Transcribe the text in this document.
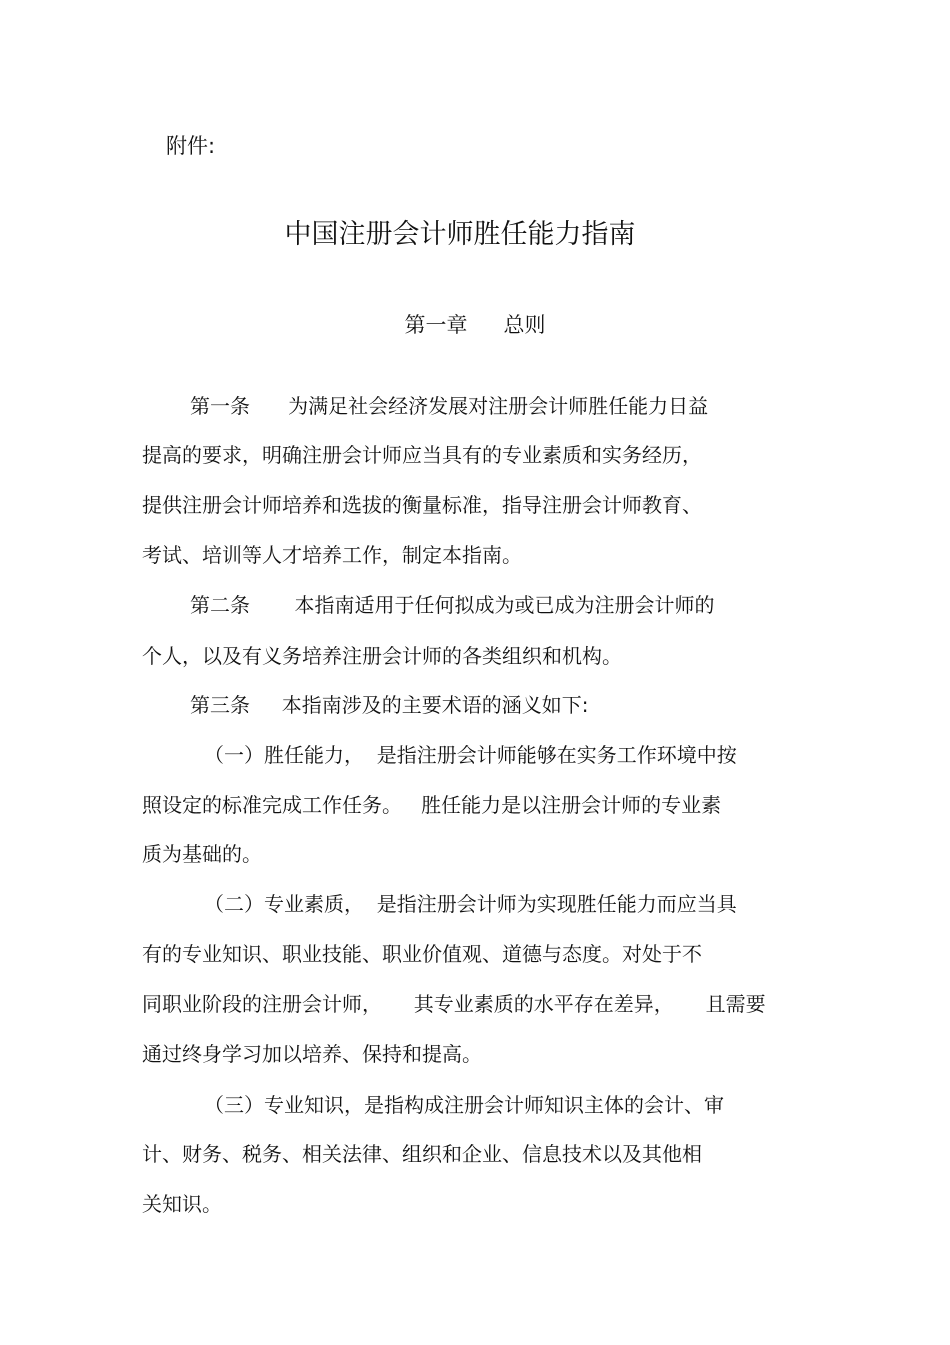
附件:
中国注册会计师胜任能力指南
第一章 总则
第一条      为满足社会经济发展对注册会计师胜任能力日益
提高的要求，明确注册会计师应当具有的专业素质和实务经历，
提供注册会计师培养和选拔的衡量标准，指导注册会计师教育、
考试、培训等人才培养工作，制定本指南。
第二条       本指南适用于任何拟成为或已成为注册会计师的
个人，以及有义务培养注册会计师的各类组织和机构。
第三条     本指南涉及的主要术语的涵义如下:
（一）胜任能力，  是指注册会计师能够在实务工作环境中按
照设定的标准完成工作任务。   胜任能力是以注册会计师的专业素
质为基础的。
（二）专业素质，  是指注册会计师为实现胜任能力而应当具
有的专业知识、职业技能、职业价值观、道德与态度。对处于不
同职业阶段的注册会计师，     其专业素质的水平存在差异，     且需要
通过终身学习加以培养、保持和提高。
（三）专业知识，是指构成注册会计师知识主体的会计、审
计、财务、税务、相关法律、组织和企业、信息技术以及其他相
关知识。
